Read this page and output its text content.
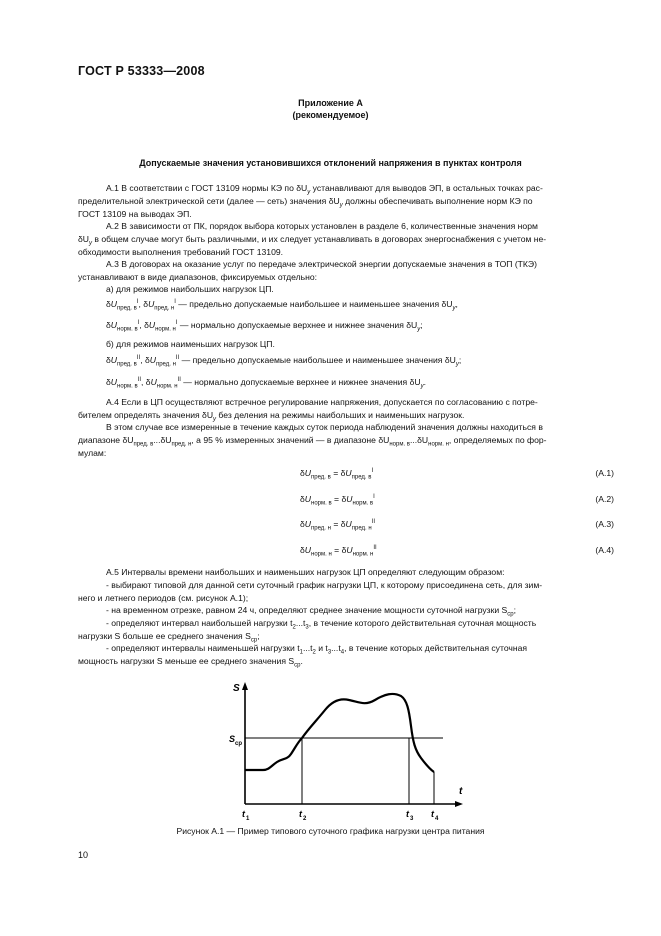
ГОСТ Р 53333—2008
Приложение А
(рекомендуемое)
Допускаемые значения установившихся отклонений напряжения в пунктах контроля
А.1 В соответствии с ГОСТ 13109 нормы КЭ по $\delta U_у$ устанавливают для выводов ЭП, в остальных точках рас-
пределительной электрической сети (далее — сеть) значения $\delta U_у$ должны обеспечивать выполнение норм КЭ по
ГОСТ 13109 на выводах ЭП.
А.2 В зависимости от ПК, порядок выбора которых установлен в разделе 6, количественные значения норм
$\delta U_у$ в общем случае могут быть различными, и их следует устанавливать в договорах энергоснабжения с учетом не-
обходимости выполнения требований ГОСТ 13109.
А.3 В договорах на оказание услуг по передаче электрической энергии допускаемые значения в ТОП (ТКЭ)
устанавливают в виде диапазонов, фиксируемых отдельно:
а) для режимов наибольших нагрузок ЦП.
$\delta U_{пред. в}^I$, $\delta U_{пред. н}^I$ — предельно допускаемые наибольшее и наименьшее значения $\delta U_у$,
$\delta U_{норм. в}^I$, $\delta U_{норм. н}^I$ — нормально допускаемые верхнее и нижнее значения $\delta U_у$;
б) для режимов наименьших нагрузок ЦП.
$\delta U_{пред. в}^{II}$, $\delta U_{пред. н}^{II}$ — предельно допускаемые наибольшее и наименьшее значения $\delta U_у$;
$\delta U_{норм. в}^{II}$, $\delta U_{норм. н}^{II}$ — нормально допускаемые верхнее и нижнее значения $\delta U_у$.
А.4 Если в ЦП осуществляют встречное регулирование напряжения, допускается по согласованию с потре-
бителем определять значения $\delta U_у$ без деления на режимы наибольших и наименьших нагрузок.
В этом случае все измеренные в течение каждых суток периода наблюдений значения должны находиться в
диапазоне $\delta U_{пред. в}...\delta U_{пред. н}$, а 95 % измеренных значений — в диапазоне $\delta U_{норм. в}...\delta U_{норм. н}$, определяемых по фор-
мулам:
$\delta U_{пред. в} = \delta U_{пред. в}^I$	(А.1)
$\delta U_{норм. в} = \delta U_{норм. в}^I$	(А.2)
$\delta U_{пред. н} = \delta U_{пред. н}^{II}$	(А.3)
$\delta U_{норм. н} = \delta U_{норм. н}^{II}$	(А.4)
А.5 Интервалы времени наибольших и наименьших нагрузок ЦП определяют следующим образом:
- выбирают типовой для данной сети суточный график нагрузки ЦП, к которому присоединена сеть, для зим-
него и летнего периодов (см. рисунок А.1);
- на временном отрезке, равном 24 ч, определяют среднее значение мощности суточной нагрузки $S_{ср}$;
- определяют интервал наибольшей нагрузки $t_2...t_3$, в течение которого действительная суточная мощность
нагрузки S больше ее среднего значения $S_{ср}$;
- определяют интервалы наименьшей нагрузки $t_1...t_2$ и $t_3...t_4$, в течение которых действительная суточная
мощность нагрузки S меньше ее среднего значения $S_{ср}$.
S
t
S ср
t 1	t 2	t 3 t 4
Рисунок А.1 — Пример типового суточного графика нагрузки центра питания
10
